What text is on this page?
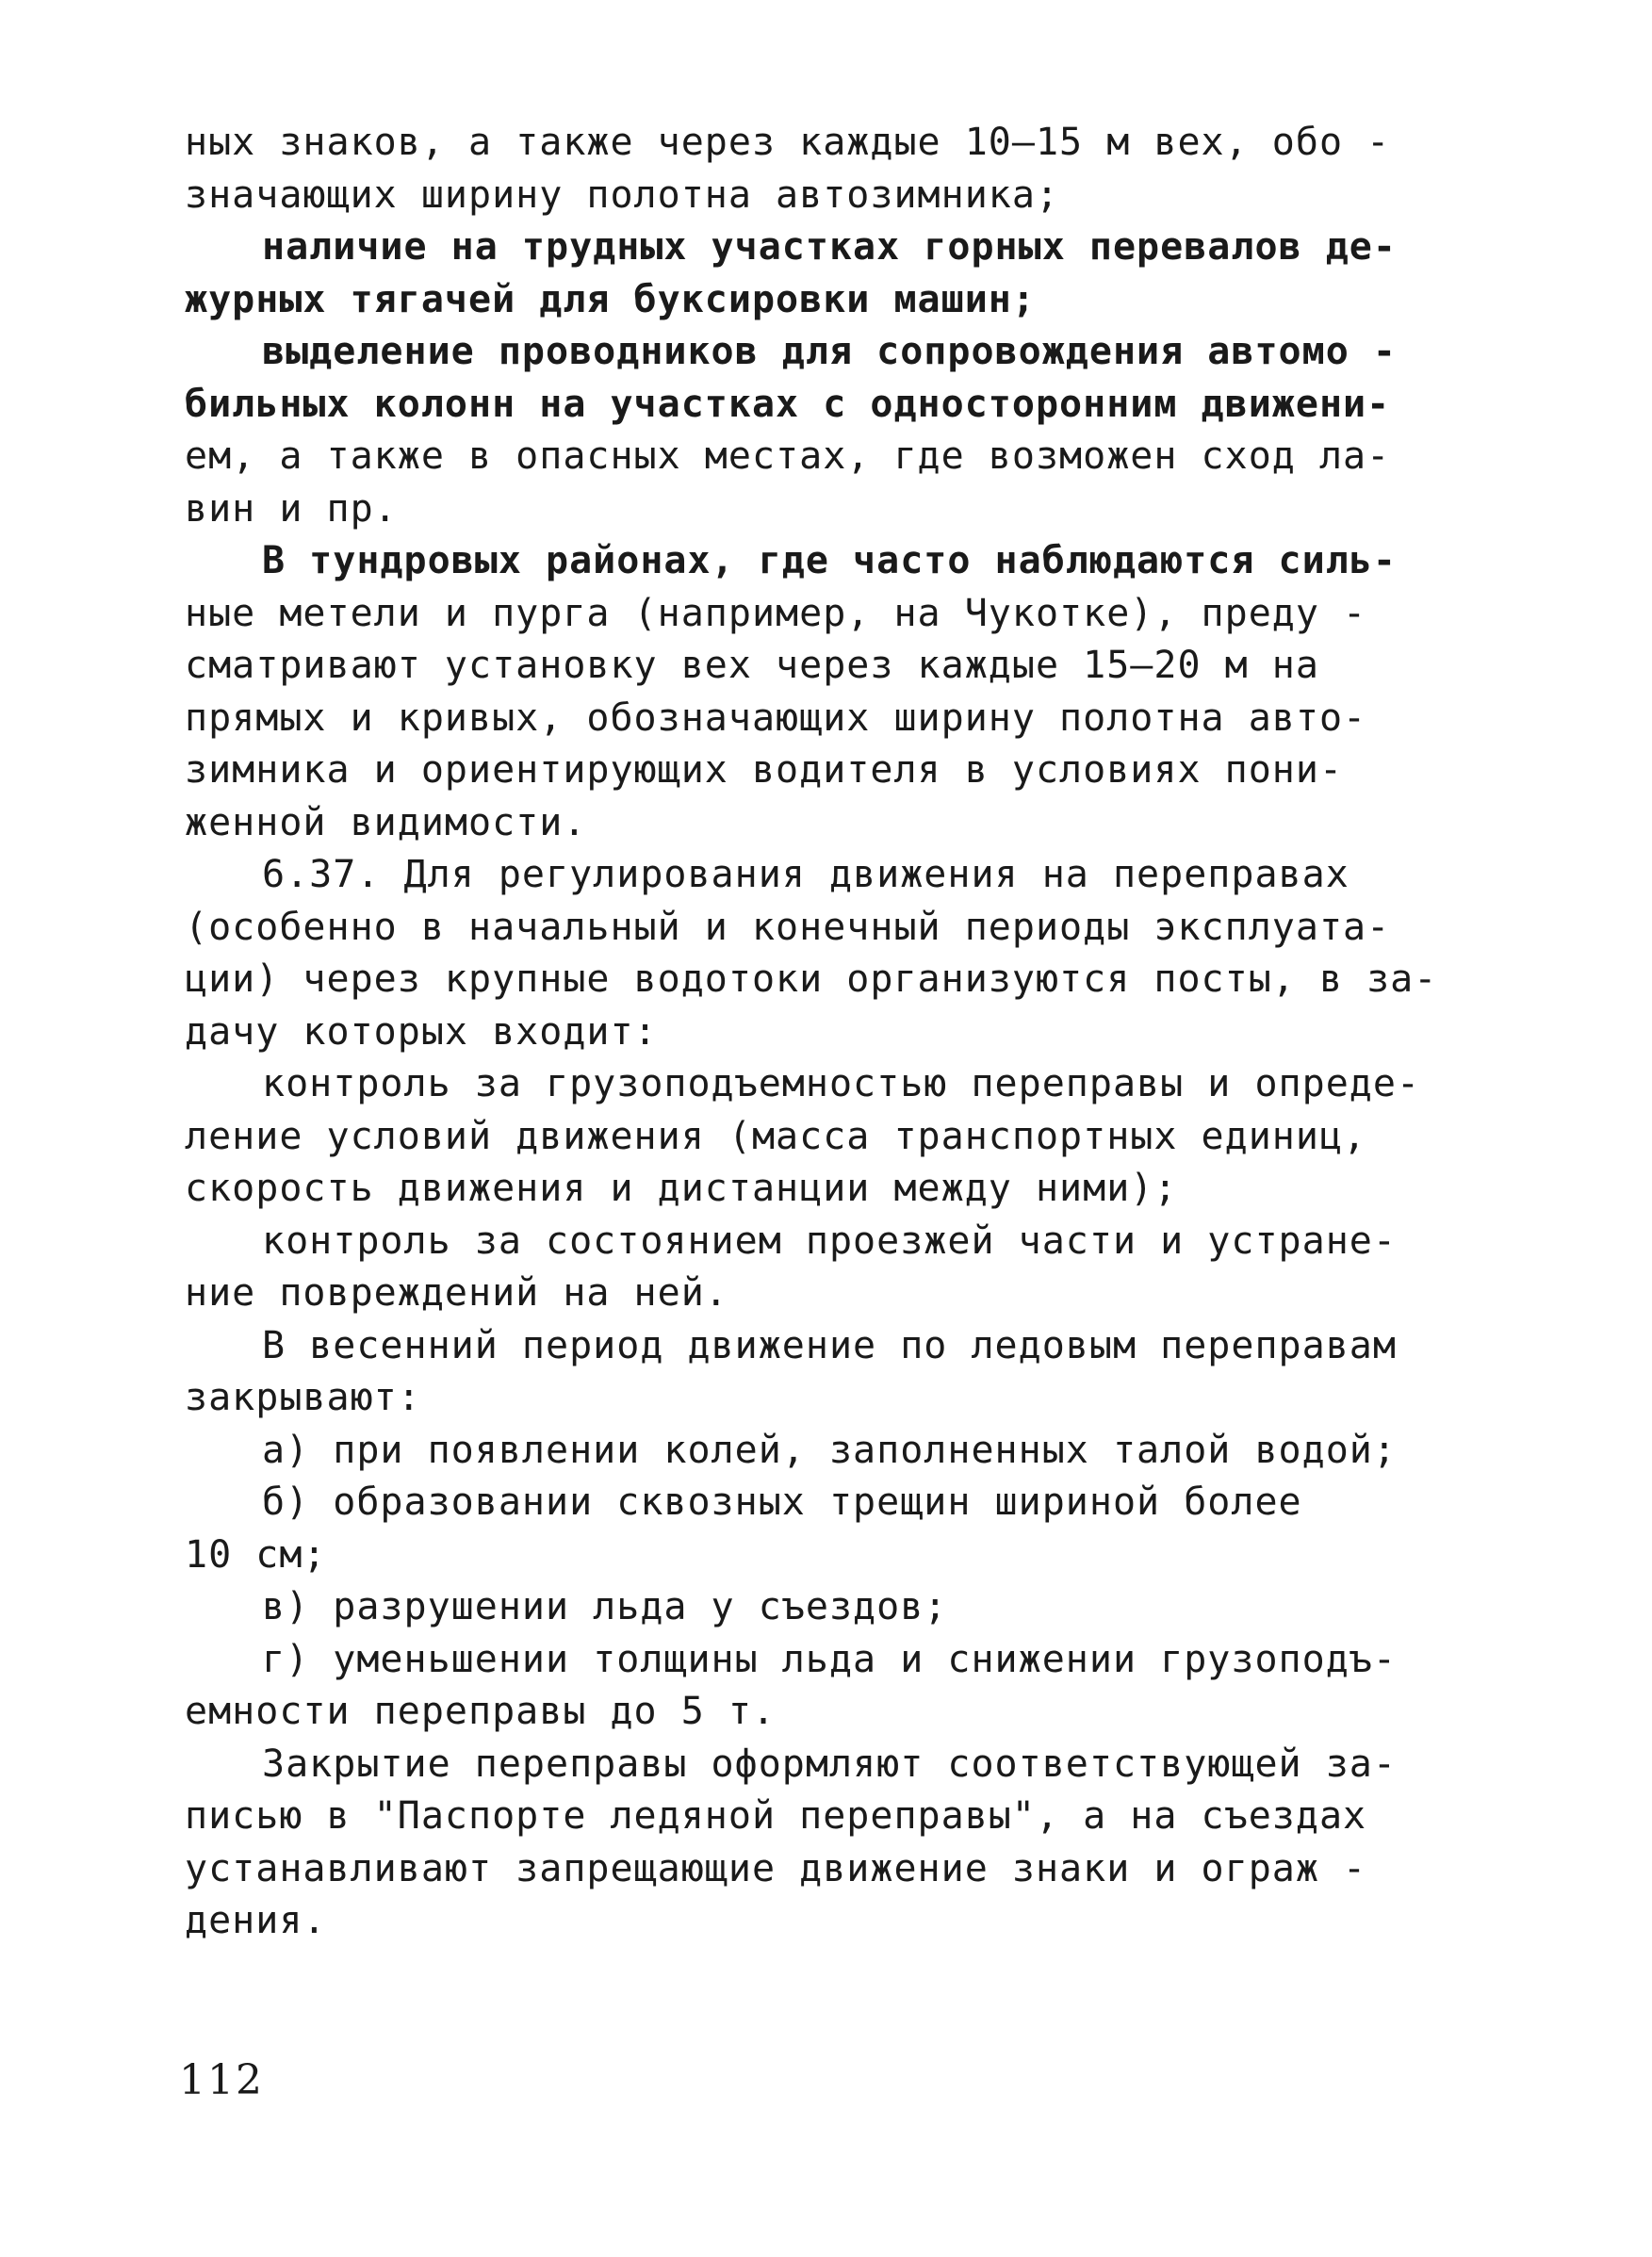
ных знаков, а также через каждые 10–15 м вех, обо -
значающих ширину полотна автозимника;
наличие на трудных участках горных перевалов де-
журных тягачей для буксировки машин;
выделение проводников для сопровождения автомо -
бильных колонн на участках с односторонним движени-
ем, а также в опасных местах, где возможен сход ла-
вин и пр.
В тундровых районах, где часто наблюдаются силь-
ные метели и пурга (например, на Чукотке), преду -
сматривают установку вех через каждые 15–20 м на
прямых и кривых, обозначающих ширину полотна авто-
зимника и ориентирующих водителя в условиях пони-
женной видимости.
6.37. Для регулирования движения на переправах
(особенно в начальный и конечный периоды эксплуата-
ции) через крупные водотоки организуются посты, в за-
дачу которых входит:
контроль за грузоподъемностью переправы и опреде-
ление условий движения (масса транспортных единиц,
скорость движения и дистанции между ними);
контроль за состоянием проезжей части и устране-
ние повреждений на ней.
В весенний период движение по ледовым переправам
закрывают:
а) при появлении колей, заполненных талой водой;
б) образовании сквозных трещин шириной более
10 см;
в) разрушении льда у съездов;
г) уменьшении толщины льда и снижении грузоподъ-
емности переправы до 5 т.
Закрытие переправы оформляют соответствующей за-
писью в "Паспорте ледяной переправы", а на съездах
устанавливают запрещающие движение знаки и ограж -
дения.
112
